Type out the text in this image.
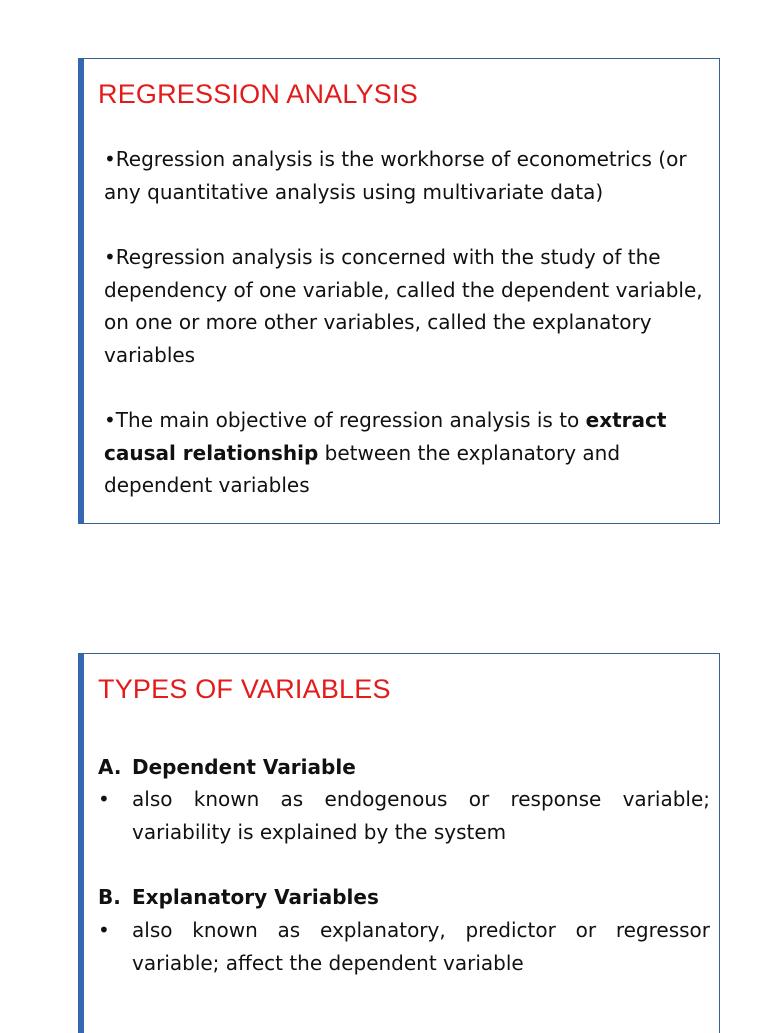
REGRESSION ANALYSIS
•Regression analysis is the workhorse of econometrics (or any quantitative analysis using multivariate data)
•Regression analysis is concerned with the study of the dependency of one variable, called the dependent variable, on one or more other variables, called the explanatory variables
•The main objective of regression analysis is to extract causal relationship between the explanatory and dependent variables
TYPES OF VARIABLES
A. Dependent Variable
•	also known as endogenous or response variable; variability is explained by the system
B. Explanatory Variables
•	also known as explanatory, predictor or regressor variable; affect the dependent variable
